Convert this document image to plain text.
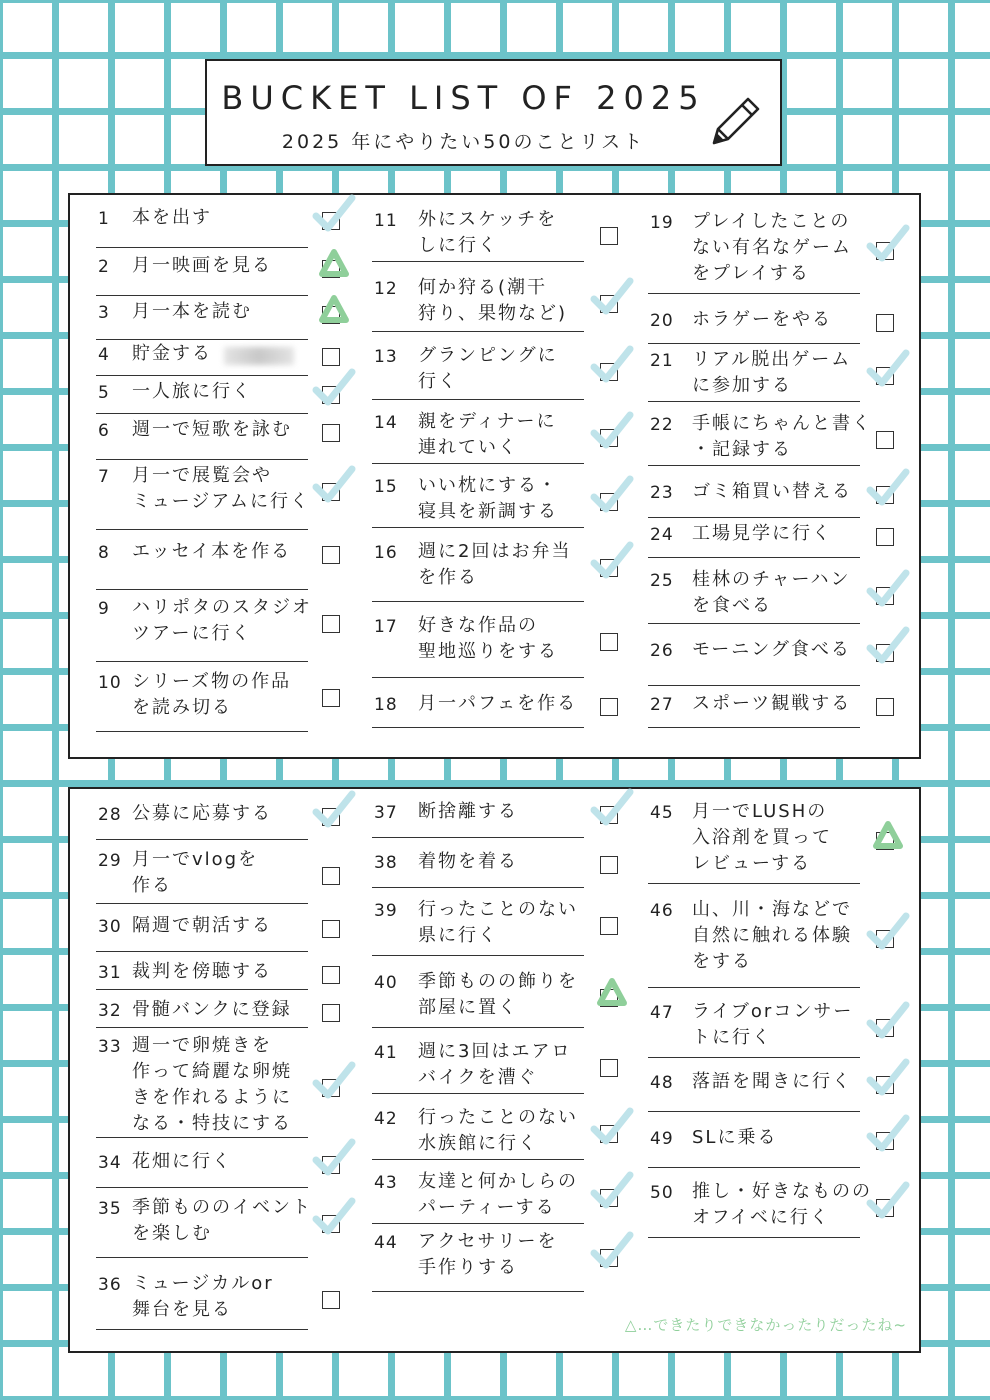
BUCKET LIST OF 2025
2025 年にやりたい50のことリスト
1 本を出す
2 月一映画を見る
3 月一本を読む
4 貯金する
5 一人旅に行く
6 週一で短歌を詠む
7 月一で展覧会や
ミュージアムに行く
8 エッセイ本を作る
9 ハリポタのスタジオ
ツアーに行く
10 シリーズ物の作品
を読み切る
11 外にスケッチを
しに行く
12 何か狩る(潮干
狩り、果物など)
13 グランピングに
行く
14 親をディナーに
連れていく
15 いい枕にする・
寝具を新調する
16 週に2回はお弁当
を作る
17 好きな作品の
聖地巡りをする
18 月一パフェを作る
19 プレイしたことの
ない有名なゲーム
をプレイする
20 ホラゲーをやる
21 リアル脱出ゲーム
に参加する
22 手帳にちゃんと書く
・記録する
23 ゴミ箱買い替える
24 工場見学に行く
25 桂林のチャーハン
を食べる
26 モーニング食べる
27 スポーツ観戦する
△…できたりできなかったりだったね~
28 公募に応募する
29 月一でvlogを
作る
30 隔週で朝活する
31 裁判を傍聴する
32 骨髄バンクに登録
33 週一で卵焼きを
作って綺麗な卵焼
きを作れるように
なる・特技にする
34 花畑に行く
35 季節もののイベント
を楽しむ
36 ミュージカルor
舞台を見る
37 断捨離する
38 着物を着る
39 行ったことのない
県に行く
40 季節ものの飾りを
部屋に置く
41 週に3回はエアロ
バイクを漕ぐ
42 行ったことのない
水族館に行く
43 友達と何かしらの
パーティーする
44 アクセサリーを
手作りする
45 月一でLUSHの
入浴剤を買って
レビューする
46 山、川・海などで
自然に触れる体験
をする
47 ライブorコンサー
トに行く
48 落語を聞きに行く
49 SLに乗る
50 推し・好きなものの
オフイベに行く
